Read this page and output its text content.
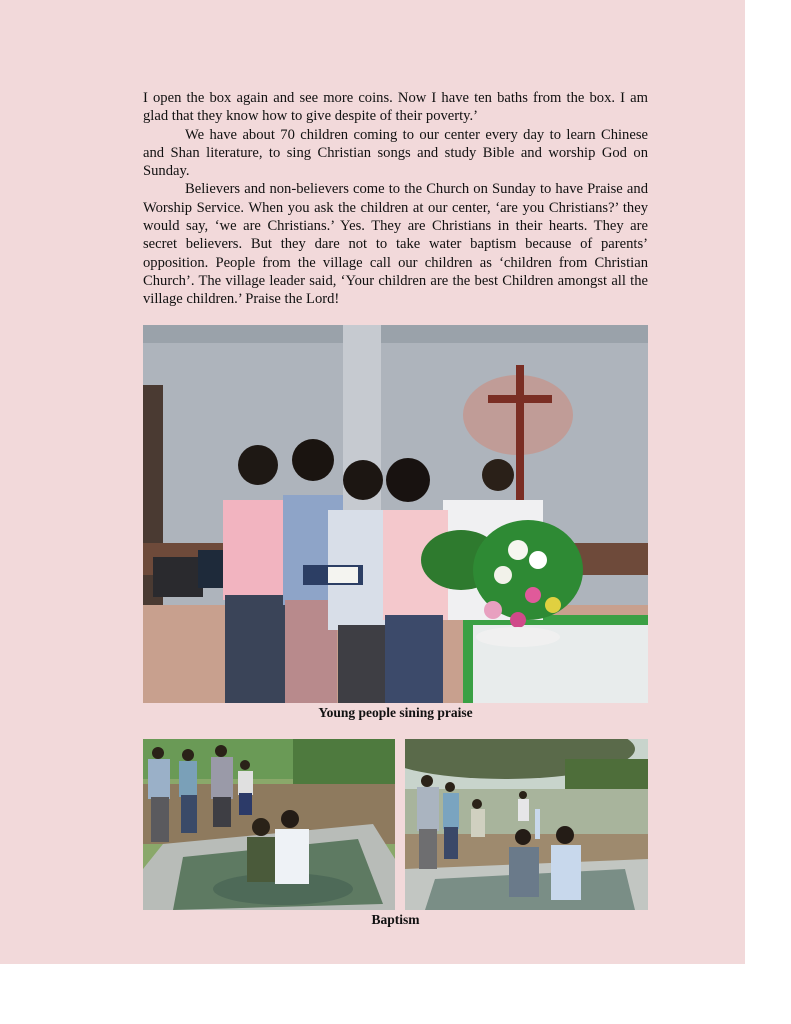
I open the box again and see more coins. Now I have ten baths from the box. I am glad that they know how to give despite of their poverty.’

We have about 70 children coming to our center every day to learn Chinese and Shan literature, to sing Christian songs and study Bible and worship God on Sunday.

Believers and non-believers come to the Church on Sunday to have Praise and Worship Service. When you ask the children at our center, ‘are you Christians?’ they would say, ‘we are Christians.’ Yes. They are Christians in their hearts. They are secret believers. But they dare not to take water baptism because of parents’ opposition. People from the village call our children as ‘children from Christian Church’. The village leader said, ‘Your children are the best Children amongst all the village children.’ Praise the Lord!

Young people sining praise
Baptism
